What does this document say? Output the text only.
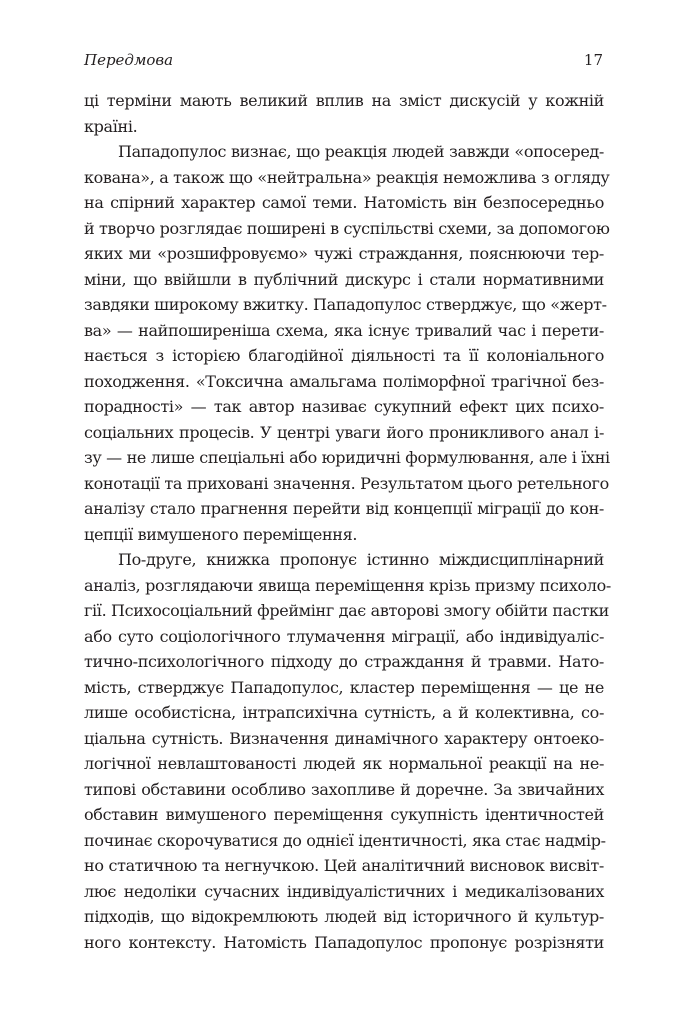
Передмова	17
ці терміни мають великий вплив на зміст дискусій у кожній
країні.
Пападопулос визнає, що реакція людей завжди «опосеред-
кована», а також що «нейтральна» реакція неможлива з огляду
на спірний характер самої теми. Натомість він безпосередньо
й творчо розглядає поширені в суспільстві схеми, за допомогою
яких ми «розшифровуємо» чужі страждання, пояснюючи тер-
міни, що ввійшли в публічний дискурс і стали нормативними
завдяки широкому вжитку. Пападопулос стверджує, що «жерт-
ва» — найпоширеніша схема, яка існує тривалий час і перети-
нається з історією благодійної діяльності та її колоніального
походження. «Токсична амальгама поліморфної трагічної без-
порадності» — так автор називає сукупний ефект цих психо-
соціальних процесів. У центрі уваги його проникливого анал і-
зу — не лише спеціальні або юридичні формулювання, але і їхні
конотації та приховані значення. Результатом цього ретельного
аналізу стало прагнення перейти від концепції міграції до кон-
цепції вимушеного переміщення.
По-друге, книжка пропонує істинно міждисциплінарний
аналіз, розглядаючи явища переміщення крізь призму психоло-
гії. Психосоціальний фреймінг дає авторові змогу обійти пастки
або суто соціологічного тлумачення міграції, або індивідуаліс-
тично-психологічного підходу до страждання й травми. Нато-
мість, стверджує Пападопулос, кластер переміщення — це не
лише особистісна, інтрапсихічна сутність, а й колективна, со-
ціальна сутність. Визначення динамічного характеру онтоеко-
логічної невлаштованості людей як нормальної реакції на не-
типові обставини особливо захопливе й доречне. За звичайних
обставин вимушеного переміщення сукупність ідентичностей
починає скорочуватися до однієї ідентичності, яка стає надмір-
но статичною та негнучкою. Цей аналітичний висновок висвіт-
лює недоліки сучасних індивідуалістичних і медикалізованих
підходів, що відокремлюють людей від історичного й культур-
ного контексту. Натомість Пападопулос пропонує розрізняти
